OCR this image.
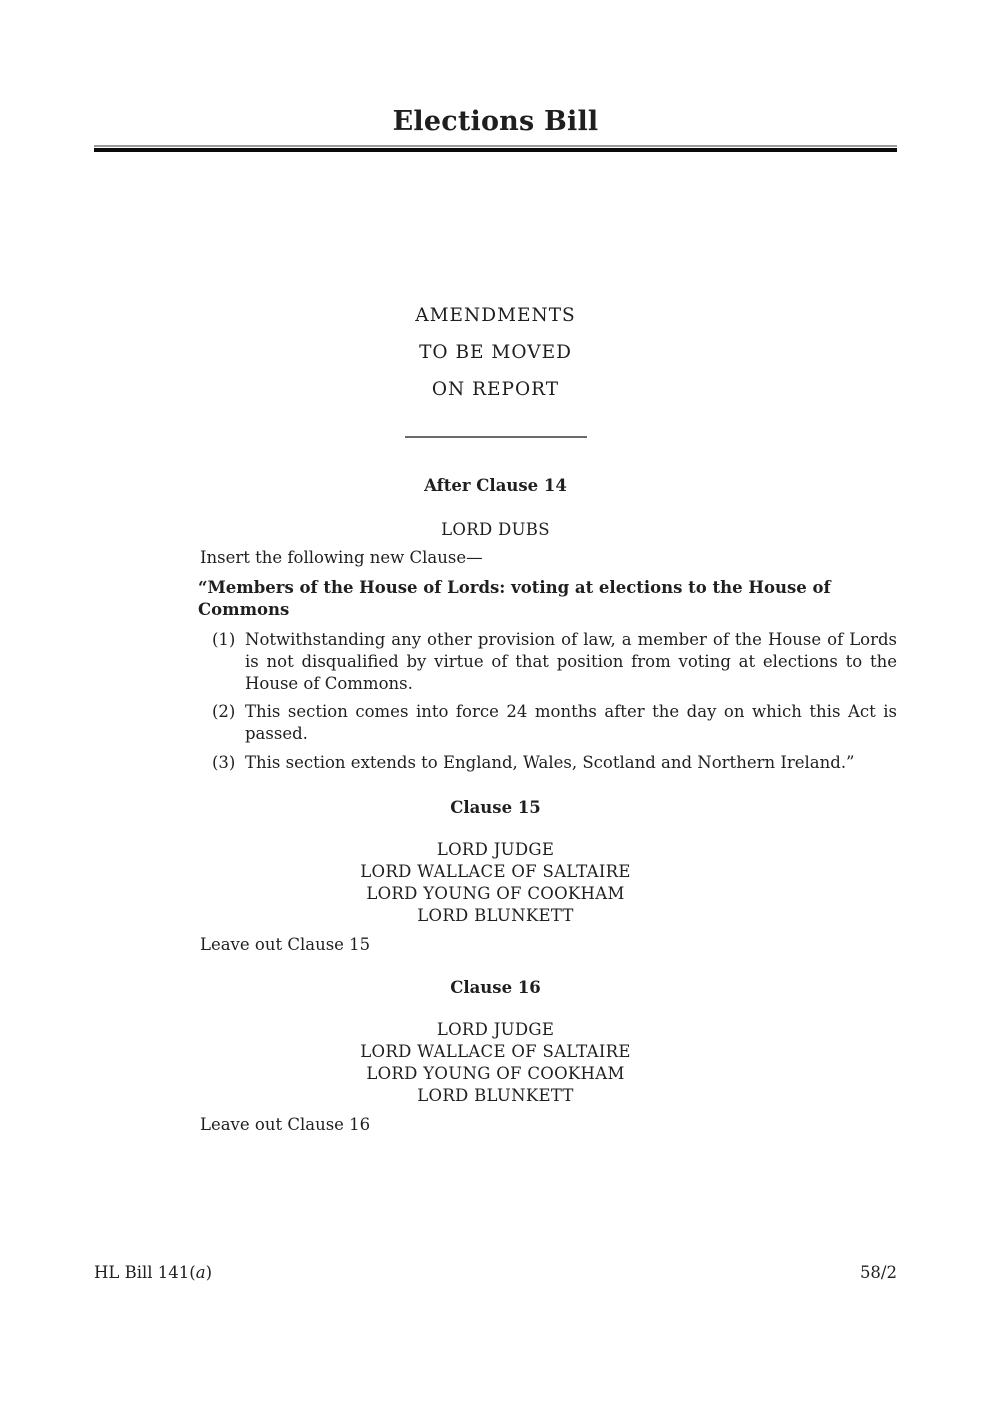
Elections Bill
AMENDMENTS
TO BE MOVED
ON REPORT
After Clause 14
LORD DUBS
Insert the following new Clause—
“Members of the House of Lords: voting at elections to the House of Commons
(1) Notwithstanding any other provision of law, a member of the House of Lords is not disqualified by virtue of that position from voting at elections to the House of Commons.
(2) This section comes into force 24 months after the day on which this Act is passed.
(3) This section extends to England, Wales, Scotland and Northern Ireland.”
Clause 15
LORD JUDGE
LORD WALLACE OF SALTAIRE
LORD YOUNG OF COOKHAM
LORD BLUNKETT
Leave out Clause 15
Clause 16
LORD JUDGE
LORD WALLACE OF SALTAIRE
LORD YOUNG OF COOKHAM
LORD BLUNKETT
Leave out Clause 16
HL Bill 141(a)	58/2
